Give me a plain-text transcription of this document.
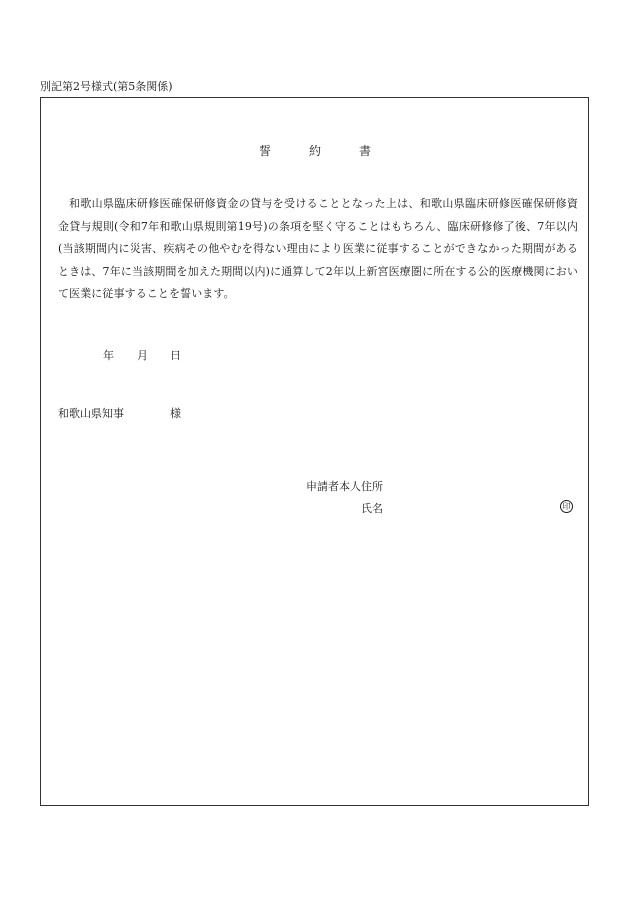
別記第2号様式(第5条関係)
誓	約	書

和歌山県臨床研修医確保研修資金の貸与を受けることとなった上は、和歌山県臨床研修医確保研修資金貸与規則(令和7年和歌山県規則第19号)の条項を堅く守ることはもちろん、臨床研修修了後、7年以内(当該期間内に災害、疾病その他やむを得ない理由により医業に従事することができなかった期間があるときは、7年に当該期間を加えた期間以内)に通算して2年以上新宮医療圏に所在する公的医療機関において医業に従事することを誓います。

年 月 日
和歌山県知事	様
申請者本人住所
氏名	印
